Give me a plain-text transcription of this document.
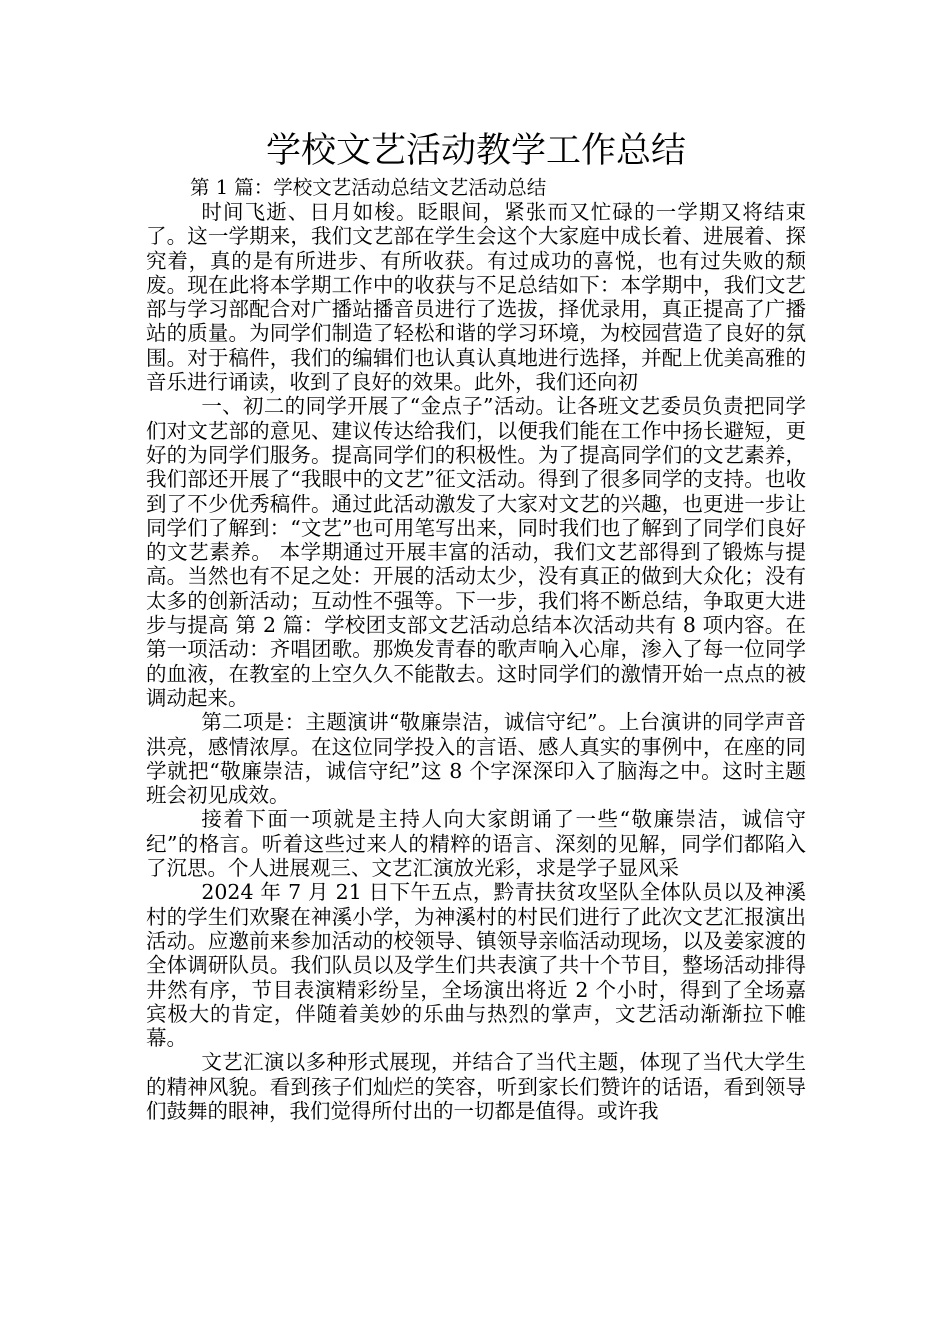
学校文艺活动教学工作总结

第 1 篇：学校文艺活动总结文艺活动总结

时间飞逝、日月如梭。眨眼间，紧张而又忙碌的一学期又将结束了。这一学期来，我们文艺部在学生会这个大家庭中成长着、进展着、探究着，真的是有所进步、有所收获。有过成功的喜悦，也有过失败的颓废。现在此将本学期工作中的收获与不足总结如下：本学期中，我们文艺部与学习部配合对广播站播音员进行了选拔，择优录用，真正提高了广播站的质量。为同学们制造了轻松和谐的学习环境，为校园营造了良好的氛围。对于稿件，我们的编辑们也认真认真地进行选择，并配上优美高雅的音乐进行诵读，收到了良好的效果。此外，我们还向初

一、初二的同学开展了“金点子”活动。让各班文艺委员负责把同学们对文艺部的意见、建议传达给我们，以便我们能在工作中扬长避短，更好的为同学们服务。提高同学们的积极性。为了提高同学们的文艺素养，我们部还开展了“我眼中的文艺”征文活动。得到了很多同学的支持。也收到了不少优秀稿件。通过此活动激发了大家对文艺的兴趣，也更进一步让同学们了解到：“文艺”也可用笔写出来，同时我们也了解到了同学们良好的文艺素养。 本学期通过开展丰富的活动，我们文艺部得到了锻炼与提高。当然也有不足之处：开展的活动太少，没有真正的做到大众化；没有太多的创新活动；互动性不强等。下一步，我们将不断总结，争取更大进步与提高 第 2 篇：学校团支部文艺活动总结本次活动共有 8 项内容。在第一项活动：齐唱团歌。那焕发青春的歌声响入心扉，渗入了每一位同学的血液，在教室的上空久久不能散去。这时同学们的激情开始一点点的被调动起来。

第二项是：主题演讲“敬廉崇洁，诚信守纪”。上台演讲的同学声音洪亮，感情浓厚。在这位同学投入的言语、感人真实的事例中，在座的同学就把“敬廉崇洁，诚信守纪”这 8 个字深深印入了脑海之中。这时主题班会初见成效。

接着下面一项就是主持人向大家朗诵了一些“敬廉崇洁，诚信守纪”的格言。听着这些过来人的精粹的语言、深刻的见解，同学们都陷入了沉思。个人进展观三、文艺汇演放光彩，求是学子显风采

2024 年 7 月 21 日下午五点，黔青扶贫攻坚队全体队员以及神溪村的学生们欢聚在神溪小学，为神溪村的村民们进行了此次文艺汇报演出活动。应邀前来参加活动的校领导、镇领导亲临活动现场，以及姜家渡的全体调研队员。我们队员以及学生们共表演了共十个节目，整场活动排得井然有序，节目表演精彩纷呈，全场演出将近 2 个小时，得到了全场嘉宾极大的肯定，伴随着美妙的乐曲与热烈的掌声，文艺活动渐渐拉下帷幕。

文艺汇演以多种形式展现，并结合了当代主题，体现了当代大学生的精神风貌。看到孩子们灿烂的笑容，听到家长们赞许的话语，看到领导们鼓舞的眼神，我们觉得所付出的一切都是值得。或许我
